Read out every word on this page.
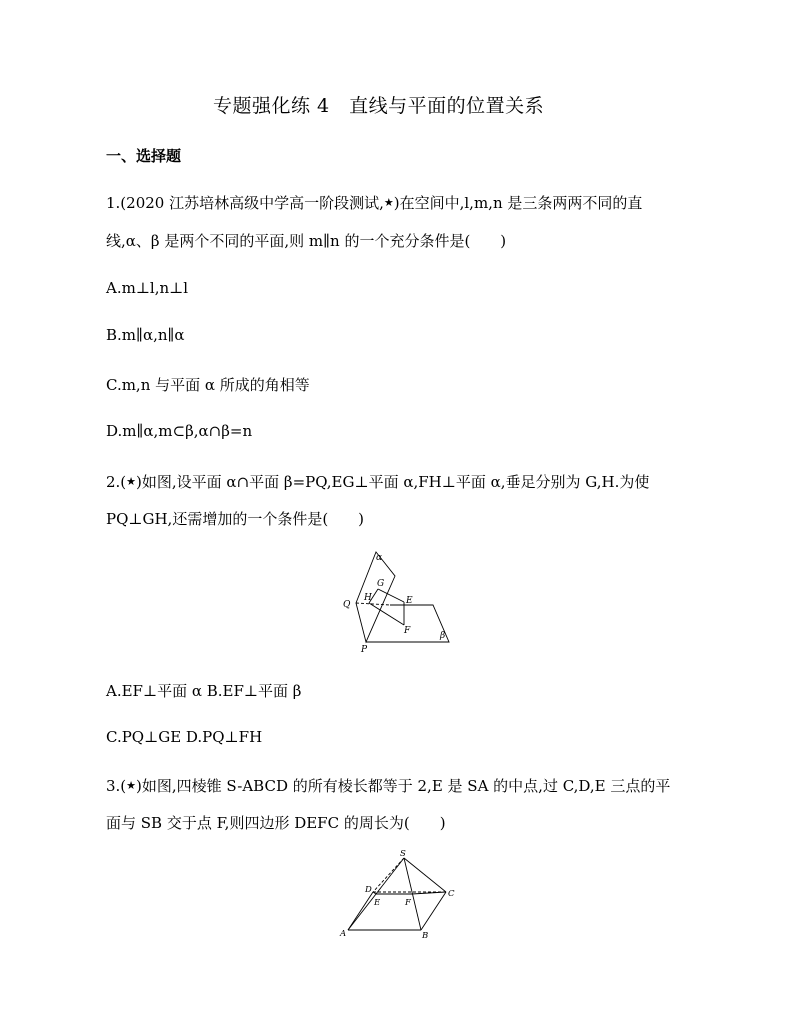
专题强化练 4　直线与平面的位置关系
一、选择题
1.(2020 江苏培林高级中学高一阶段测试,★)在空间中,l,m,n 是三条两两不同的直
线,α、β 是两个不同的平面,则 m∥n 的一个充分条件是(　　)
A.m⊥l,n⊥l
B.m∥α,n∥α
C.m,n 与平面 α 所成的角相等
D.m∥α,m⊂β,α∩β=n
2.(★)如图,设平面 α∩平面 β=PQ,EG⊥平面 α,FH⊥平面 α,垂足分别为 G,H.为使
PQ⊥GH,还需增加的一个条件是(　　)
α
β
Q
P
G
H	E
F
A.EF⊥平面 α B.EF⊥平面 β
C.PQ⊥GE D.PQ⊥FH
3.(★)如图,四棱锥 S-ABCD 的所有棱长都等于 2,E 是 SA 的中点,过 C,D,E 三点的平
面与 SB 交于点 F,则四边形 DEFC 的周长为(　　)
S
D
E	F
C
A	B
